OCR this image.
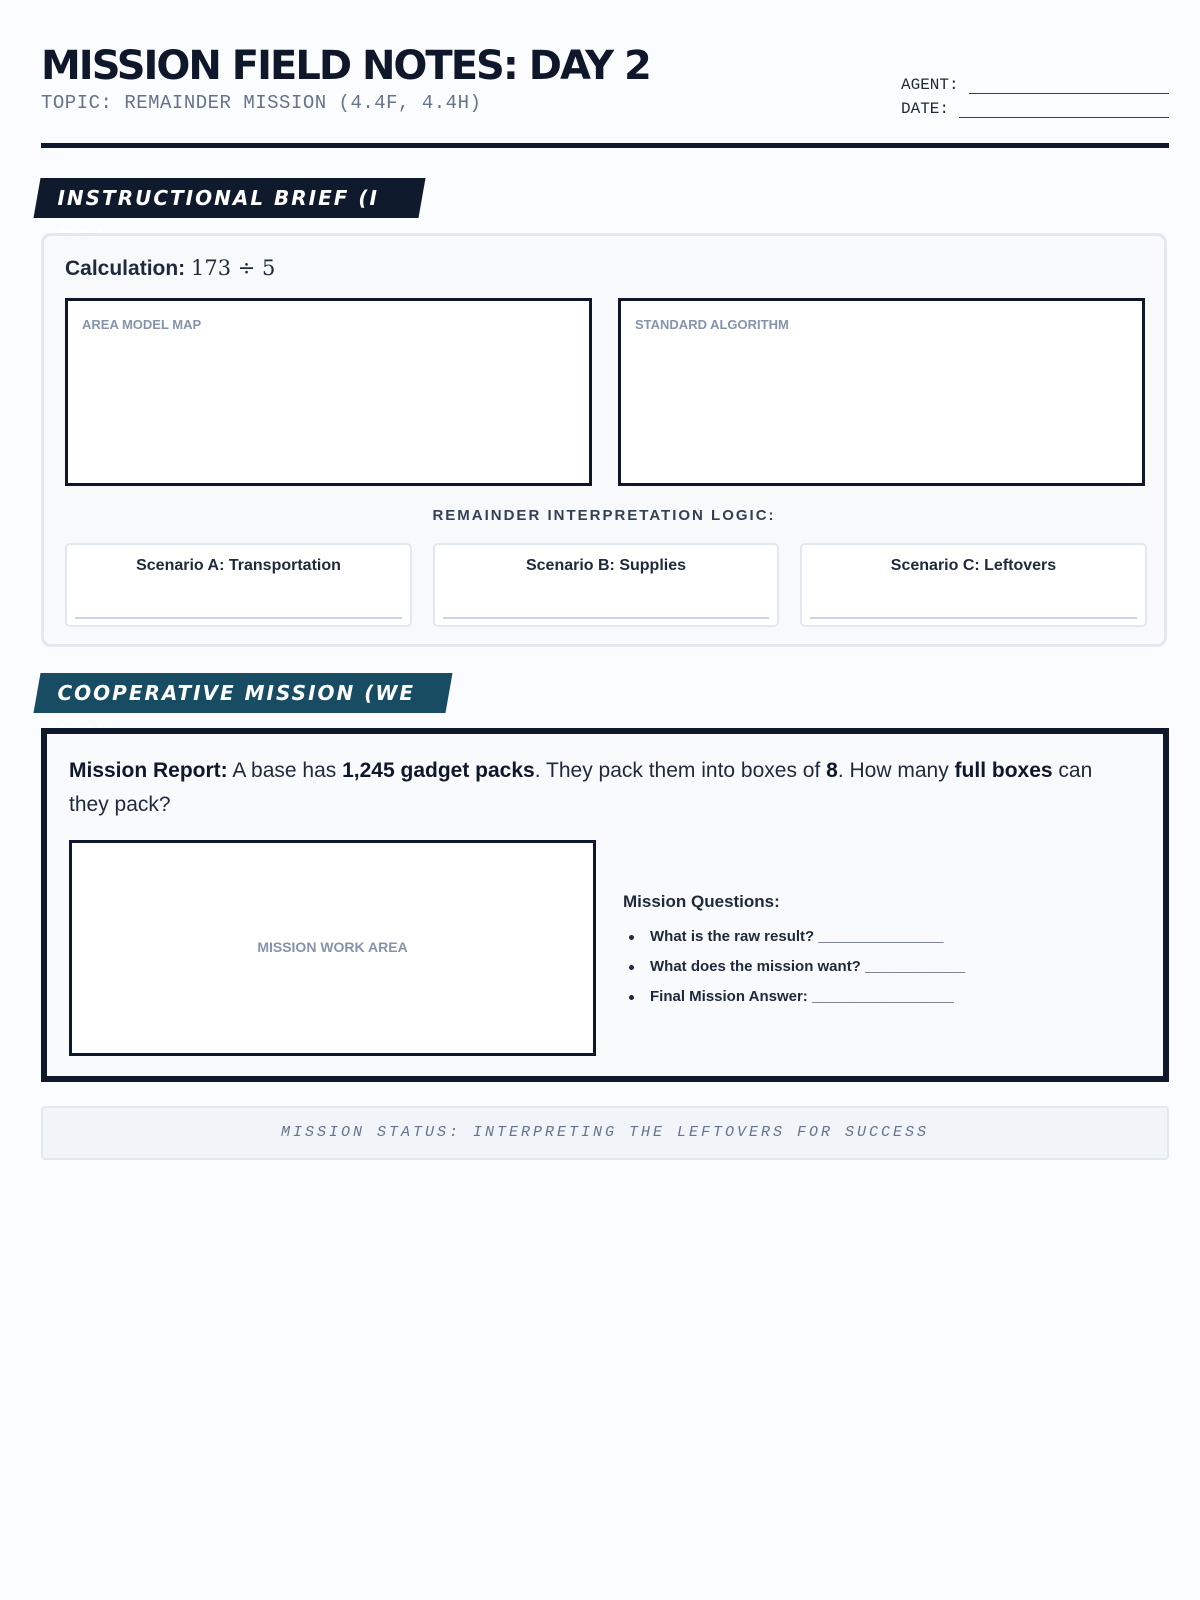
MISSION FIELD NOTES: DAY 2
TOPIC: REMAINDER MISSION (4.4F, 4.4H)
AGENT:
DATE:
INSTRUCTIONAL BRIEF (I
Calculation: 173 ÷ 5
AREA MODEL MAP	STANDARD ALGORITHM
REMAINDER INTERPRETATION LOGIC:
Scenario A: Transportation	Scenario B: Supplies	Scenario C: Leftovers
COOPERATIVE MISSION (WE
Mission Report: A base has 1,245 gadget packs. They pack them into boxes of 8. How many full boxes can they pack?
MISSION WORK AREA
Mission Questions:
What is the raw result? _______________
What does the mission want? ____________
Final Mission Answer: _________________
MISSION STATUS: INTERPRETING THE LEFTOVERS FOR SUCCESS
